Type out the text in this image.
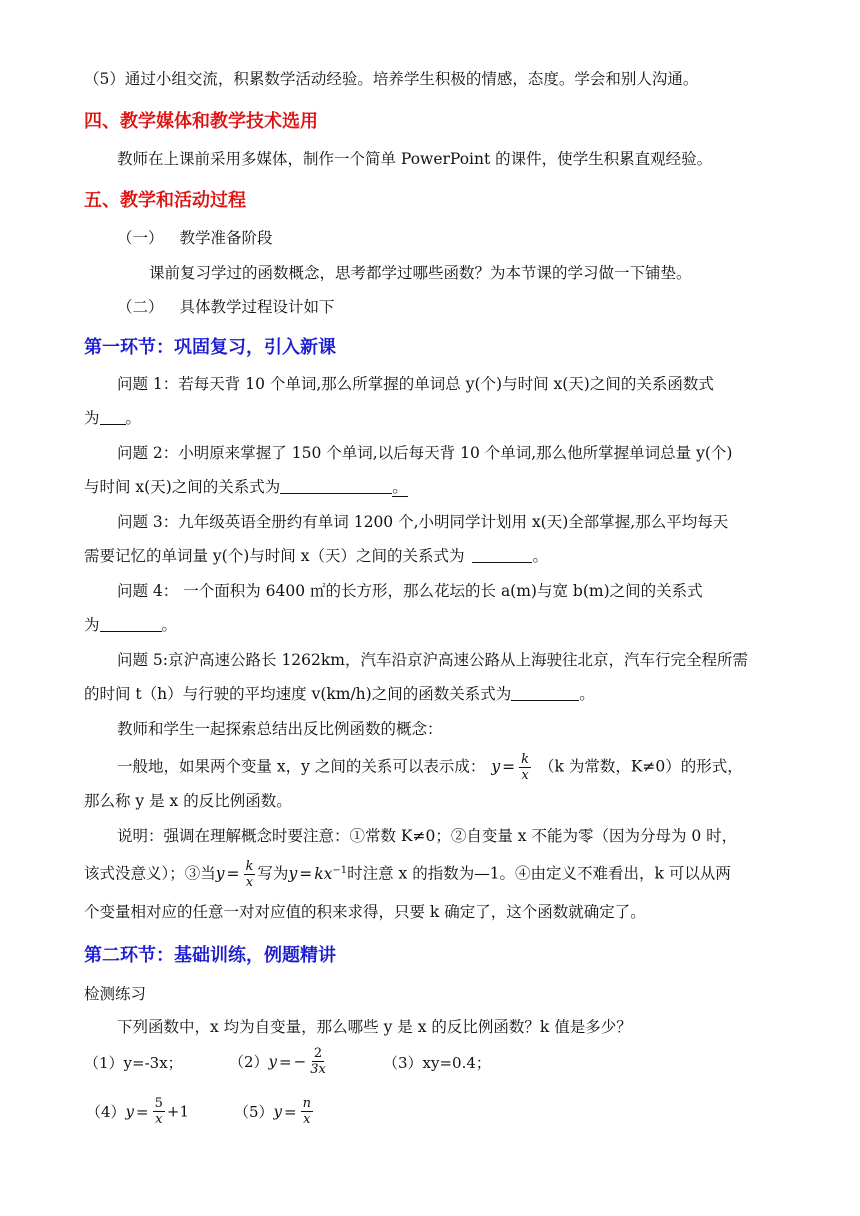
（5）通过小组交流，积累数学活动经验。培养学生积极的情感，态度。学会和别人沟通。
四、教学媒体和教学技术选用
教师在上课前采用多媒体，制作一个简单 PowerPoint 的课件，使学生积累直观经验。
五、教学和活动过程
（一） 教学准备阶段
课前复习学过的函数概念，思考都学过哪些函数？为本节课的学习做一下铺垫。
（二） 具体教学过程设计如下
第一环节：巩固复习，引入新课
问题 1：若每天背 10 个单词,那么所掌握的单词总 y(个)与时间 x(天)之间的关系函数式
为 。
问题 2：小明原来掌握了 150 个单词,以后每天背 10 个单词,那么他所掌握单词总量 y(个)
与时间 x(天)之间的关系式为	。
问题 3：九年级英语全册约有单词 1200 个,小明同学计划用 x(天)全部掌握,那么平均每天
需要记忆的单词量 y(个)与时间 x（天）之间的关系式为	。
问题 4： 一个面积为 6400 ㎡的长方形，那么花坛的长 a(m)与宽 b(m)之间的关系式
为	。
问题 5:京沪高速公路长 1262km，汽车沿京沪高速公路从上海驶往北京，汽车行完全程所需
的时间 t（h）与行驶的平均速度 v(km/h)之间的函数关系式为	。
教师和学生一起探索总结出反比例函数的概念：
一般地，如果两个变量 x，y 之间的关系可以表示成： $y = \frac{k}{x} (k$ 为常数，K≠0）的形式，
那么称 y 是 x 的反比例函数。
说明：强调在理解概念时要注意：①常数 K≠0；②自变量 x 不能为零（因为分母为 0 时，
该式没意义）；③当$y = \frac{k}{x}$ 写为$y = kx^{-1}$时注意 x 的指数为—1。④由定义不难看出，k 可以从两
个变量相对应的任意一对对应值的积来求得，只要 k 确定了，这个函数就确定了。
第二环节：基础训练，例题精讲
检测练习
下列函数中，x 均为自变量，那么哪些 y 是 x 的反比例函数？k 值是多少？
（1）y=-3x；	（2）y = − $\frac{2}{3x}$	（3）xy=0.4；
$(4)y = \frac{5}{x} +1$	$(5)y = \frac{n}{x}$
